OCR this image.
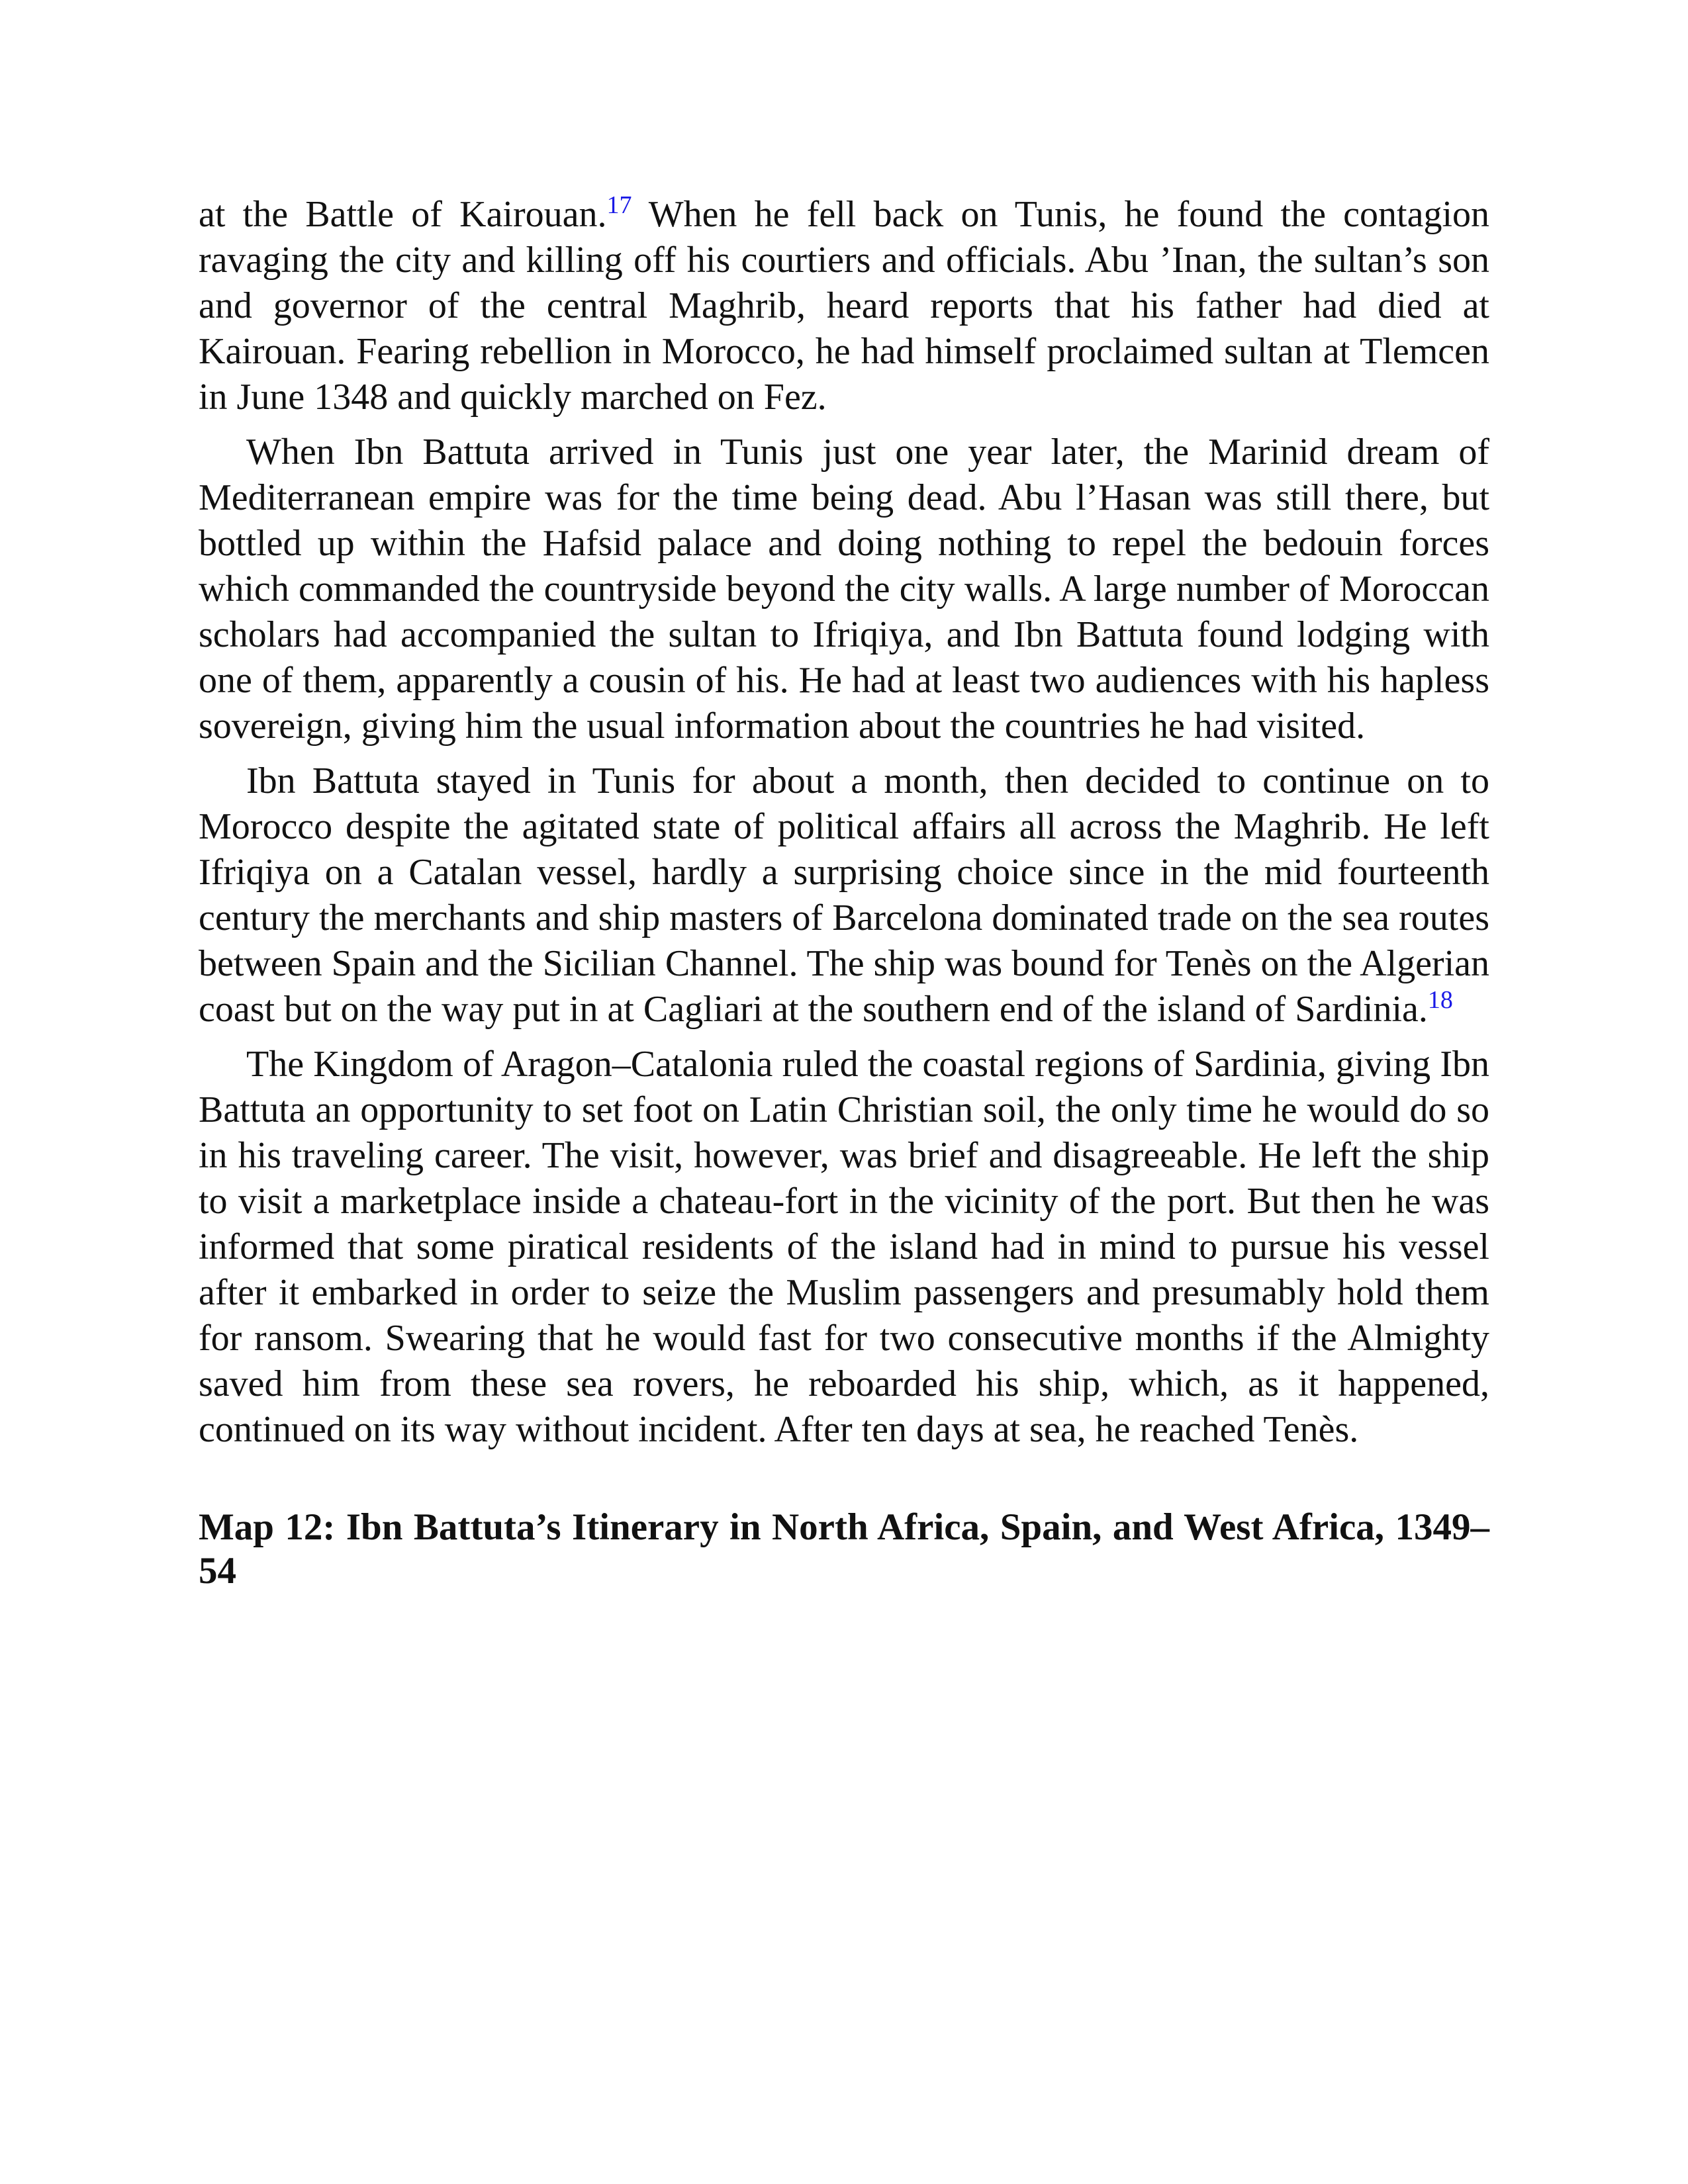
at the Battle of Kairouan.$^{17}$ When he fell back on Tunis, he found the contagion ravaging the city and killing off his courtiers and officials. Abu ’Inan, the sultan’s son and governor of the central Maghrib, heard reports that his father had died at Kairouan. Fearing rebellion in Morocco, he had himself proclaimed sultan at Tlemcen in June 1348 and quickly marched on Fez.

When Ibn Battuta arrived in Tunis just one year later, the Marinid dream of Mediterranean empire was for the time being dead. Abu l’Hasan was still there, but bottled up within the Hafsid palace and doing nothing to repel the bedouin forces which commanded the countryside beyond the city walls. A large number of Moroccan scholars had accompanied the sultan to Ifriqiya, and Ibn Battuta found lodging with one of them, apparently a cousin of his. He had at least two audiences with his hapless sovereign, giving him the usual information about the countries he had visited.

Ibn Battuta stayed in Tunis for about a month, then decided to continue on to Morocco despite the agitated state of political affairs all across the Maghrib. He left Ifriqiya on a Catalan vessel, hardly a surprising choice since in the mid fourteenth century the merchants and ship masters of Barcelona dominated trade on the sea routes between Spain and the Sicilian Channel. The ship was bound for Tenès on the Algerian coast but on the way put in at Cagliari at the southern end of the island of Sardinia.$^{18}$

The Kingdom of Aragon–Catalonia ruled the coastal regions of Sardinia, giving Ibn Battuta an opportunity to set foot on Latin Christian soil, the only time he would do so in his traveling career. The visit, however, was brief and disagreeable. He left the ship to visit a marketplace inside a chateau-fort in the vicinity of the port. But then he was informed that some piratical residents of the island had in mind to pursue his vessel after it embarked in order to seize the Muslim passengers and presumably hold them for ransom. Swearing that he would fast for two consecutive months if the Almighty saved him from these sea rovers, he reboarded his ship, which, as it happened, continued on its way without incident. After ten days at sea, he reached Tenès.

Map 12: Ibn Battuta’s Itinerary in North Africa, Spain, and West Africa, 1349–54
